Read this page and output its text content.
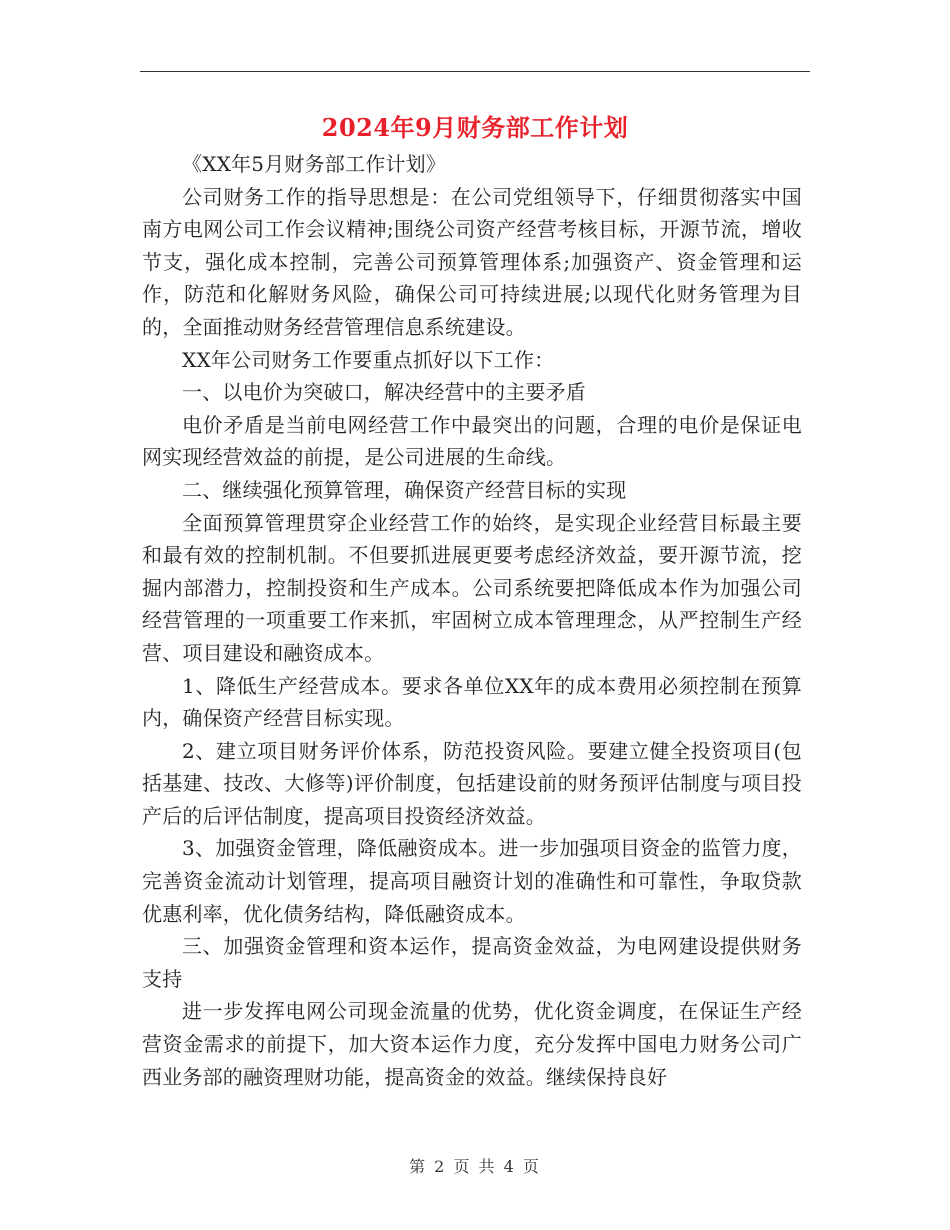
2024年9月财务部工作计划

《XX年5月财务部工作计划》

公司财务工作的指导思想是：在公司党组领导下，仔细贯彻落实中国南方电网公司工作会议精神;围绕公司资产经营考核目标，开源节流，增收节支，强化成本控制，完善公司预算管理体系;加强资产、资金管理和运作，防范和化解财务风险，确保公司可持续进展;以现代化财务管理为目的，全面推动财务经营管理信息系统建设。

XX年公司财务工作要重点抓好以下工作：

一、以电价为突破口，解决经营中的主要矛盾

电价矛盾是当前电网经营工作中最突出的问题，合理的电价是保证电网实现经营效益的前提，是公司进展的生命线。

二、继续强化预算管理，确保资产经营目标的实现

全面预算管理贯穿企业经营工作的始终，是实现企业经营目标最主要和最有效的控制机制。不但要抓进展更要考虑经济效益，要开源节流，挖掘内部潜力，控制投资和生产成本。公司系统要把降低成本作为加强公司经营管理的一项重要工作来抓，牢固树立成本管理理念，从严控制生产经营、项目建设和融资成本。

1、降低生产经营成本。要求各单位XX年的成本费用必须控制在预算内，确保资产经营目标实现。

2、建立项目财务评价体系，防范投资风险。要建立健全投资项目(包括基建、技改、大修等)评价制度，包括建设前的财务预评估制度与项目投产后的后评估制度，提高项目投资经济效益。

3、加强资金管理，降低融资成本。进一步加强项目资金的监管力度，完善资金流动计划管理，提高项目融资计划的准确性和可靠性，争取贷款优惠利率，优化债务结构，降低融资成本。

三、加强资金管理和资本运作，提高资金效益，为电网建设提供财务支持

进一步发挥电网公司现金流量的优势，优化资金调度，在保证生产经营资金需求的前提下，加大资本运作力度，充分发挥中国电力财务公司广西业务部的融资理财功能，提高资金的效益。继续保持良好

第 2 页 共 4 页
